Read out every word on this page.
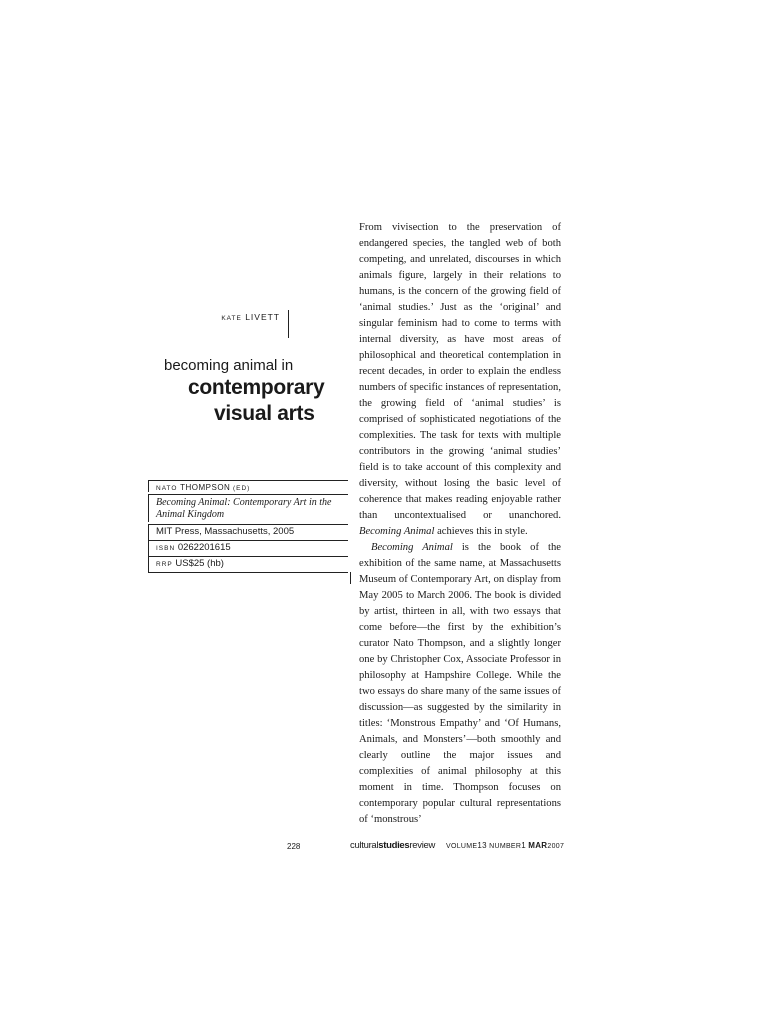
KATE LIVETT
becoming animal in
contemporary
visual arts
NATO THOMPSON (ED)
Becoming Animal: Contemporary Art in the
Animal Kingdom
MIT Press, Massachusetts, 2005
ISBN 0262201615
RRP US$25 (hb)

From vivisection to the preservation of endangered species, the tangled web of both competing, and unrelated, discourses in which animals figure, largely in their relations to humans, is the concern of the growing field of ‘animal studies.’ Just as the ‘original’ and singular feminism had to come to terms with internal diversity, as have most areas of philosophical and theoretical contemplation in recent decades, in order to explain the endless numbers of specific instances of representation, the growing field of ‘animal studies’ is comprised of sophisticated negotiations of the complexities. The task for texts with multiple contributors in the growing ‘animal studies’ field is to take account of this complexity and diversity, without losing the basic level of coherence that makes reading enjoyable rather than uncontextualised or unanchored. Becoming Animal achieves this in style.

Becoming Animal is the book of the exhibition of the same name, at Massachusetts Museum of Contemporary Art, on display from May 2005 to March 2006. The book is divided by artist, thirteen in all, with two essays that come before—the first by the exhibition’s curator Nato Thompson, and a slightly longer one by Christopher Cox, Associate Professor in philosophy at Hampshire College. While the two essays do share many of the same issues of discussion—as suggested by the similarity in titles: ‘Monstrous Empathy’ and ‘Of Humans, Animals, and Monsters’—both smoothly and clearly outline the major issues and complexities of animal philosophy at this moment in time. Thompson focuses on contemporary popular cultural representations of ‘monstrous’

228	culturalstudiesreview VOLUME13 NUMBER1 MAR2007
